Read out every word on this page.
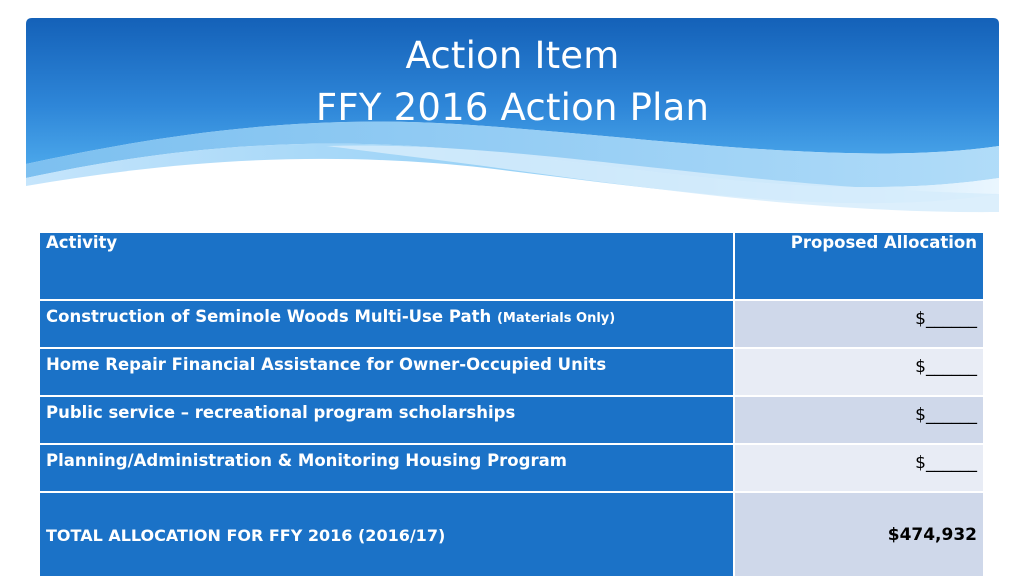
Action Item
FFY 2016 Action Plan
Activity	Proposed Allocation
Construction of Seminole Woods Multi-Use Path (Materials Only)	$______
Home Repair Financial Assistance for Owner-Occupied Units	$______
Public service – recreational program scholarships	$______
Planning/Administration & Monitoring Housing Program	$______
TOTAL ALLOCATION FOR FFY 2016 (2016/17)	$474,932
